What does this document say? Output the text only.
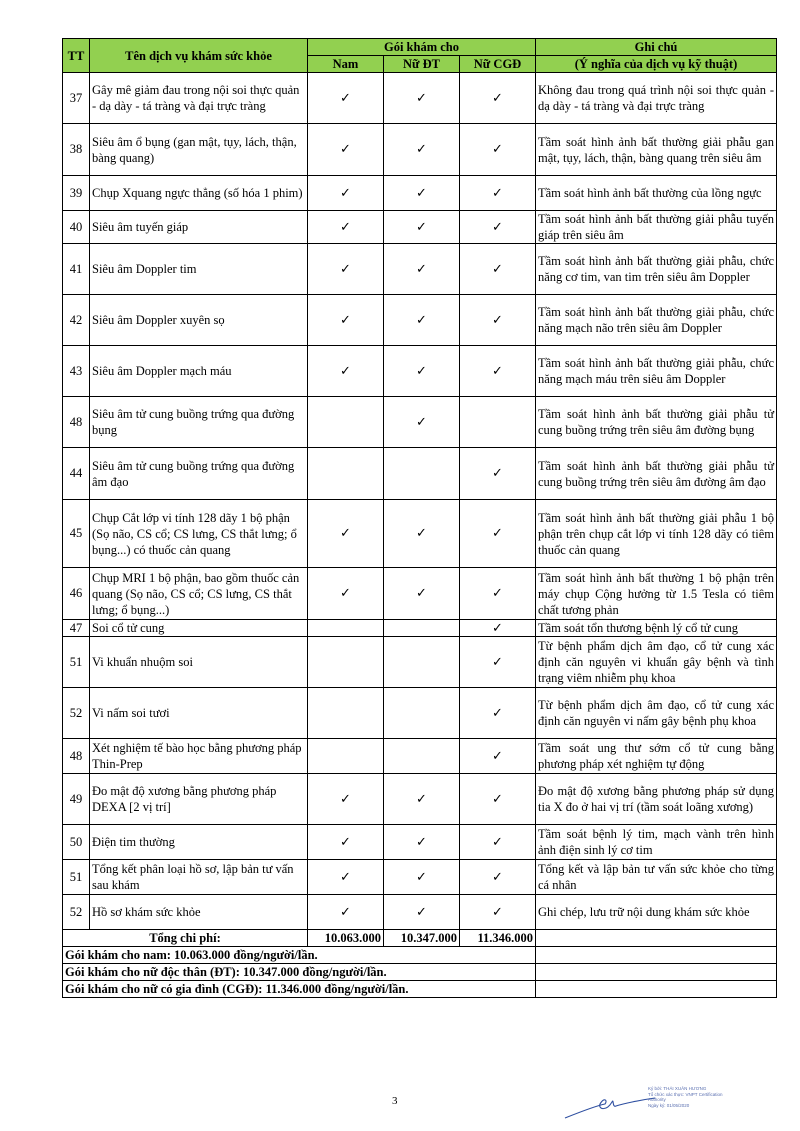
TT	Tên dịch vụ khám sức khỏe	Gói khám cho			Ghi chú
		Nam	Nữ ĐT	Nữ CGĐ	(Ý nghĩa của dịch vụ kỹ thuật)
37	Gây mê giảm đau trong nội soi thực quản - dạ dày - tá tràng và đại trực tràng	✓	✓	✓	Không đau trong quá trình nội soi thực quản - dạ dày - tá tràng và đại trực tràng
38	Siêu âm ổ bụng (gan mật, tụy, lách, thận, bàng quang)	✓	✓	✓	Tầm soát hình ảnh bất thường giải phẫu gan mật, tụy, lách, thận, bàng quang trên siêu âm
39	Chụp Xquang ngực thẳng (số hóa 1 phim)	✓	✓	✓	Tầm soát hình ảnh bất thường của lồng ngực
40	Siêu âm tuyến giáp	✓	✓	✓	Tầm soát hình ảnh bất thường giải phẫu tuyến giáp trên siêu âm
41	Siêu âm Doppler tim	✓	✓	✓	Tầm soát hình ảnh bất thường giải phẫu, chức năng cơ tim, van tim trên siêu âm Doppler
42	Siêu âm Doppler xuyên sọ	✓	✓	✓	Tầm soát hình ảnh bất thường giải phẫu, chức năng mạch não trên siêu âm Doppler
43	Siêu âm Doppler mạch máu	✓	✓	✓	Tầm soát hình ảnh bất thường giải phẫu, chức năng mạch máu trên siêu âm Doppler
48	Siêu âm tử cung buồng trứng qua đường bụng		✓		Tầm soát hình ảnh bất thường giải phẫu tử cung buồng trứng trên siêu âm đường bụng
44	Siêu âm tử cung buồng trứng qua đường âm đạo			✓	Tầm soát hình ảnh bất thường giải phẫu tử cung buồng trứng trên siêu âm đường âm đạo
45	Chụp Cắt lớp vi tính 128 dãy 1 bộ phận (Sọ não, CS cổ; CS lưng, CS thắt lưng; ổ bụng...) có thuốc cản quang	✓	✓	✓	Tầm soát hình ảnh bất thường giải phẫu 1 bộ phận trên chụp cắt lớp vi tính 128 dãy có tiêm thuốc cản quang
46	Chụp MRI 1 bộ phận, bao gồm thuốc cản quang (Sọ não, CS cổ; CS lưng, CS thắt lưng; ổ bụng...)	✓	✓	✓	Tầm soát hình ảnh bất thường 1 bộ phận trên máy chụp Cộng hưởng từ 1.5 Tesla có tiêm chất tương phản
47	Soi cổ tử cung			✓	Tầm soát tổn thương bệnh lý cổ tử cung
51	Vi khuẩn nhuộm soi			✓	Từ bệnh phẩm dịch âm đạo, cổ tử cung xác định căn nguyên vi khuẩn gây bệnh và tình trạng viêm nhiễm phụ khoa
52	Vi nấm soi tươi			✓	Từ bệnh phẩm dịch âm đạo, cổ tử cung xác định căn nguyên vi nấm gây bệnh phụ khoa
48	Xét nghiệm tế bào học bằng phương pháp Thin-Prep			✓	Tầm soát ung thư sớm cổ tử cung bằng phương pháp xét nghiệm tự động
49	Đo mật độ xương bằng phương pháp DEXA [2 vị trí]	✓	✓	✓	Đo mật độ xương bằng phương pháp sử dụng tia X đo ở hai vị trí (tầm soát loãng xương)
50	Điện tim thường	✓	✓	✓	Tầm soát bệnh lý tim, mạch vành trên hình ảnh điện sinh lý cơ tim
51	Tổng kết phân loại hồ sơ, lập bản tư vấn sau khám	✓	✓	✓	Tổng kết và lập bản tư vấn sức khỏe cho từng cá nhân
52	Hồ sơ khám sức khỏe	✓	✓	✓	Ghi chép, lưu trữ nội dung khám sức khỏe
Tổng chi phí:		10.063.000	10.347.000	11.346.000	
Gói khám cho nam: 10.063.000 đồng/người/lần.					
Gói khám cho nữ độc thân (ĐT): 10.347.000 đồng/người/lần.					
Gói khám cho nữ có gia đình (CGĐ): 11.346.000 đồng/người/lần.					
3
Ký bởi: THÁI XUÂN HƯƠNG
Tổ chức xác thực: VNPT Certification
Authority
Ngày ký: 01/05/2020
